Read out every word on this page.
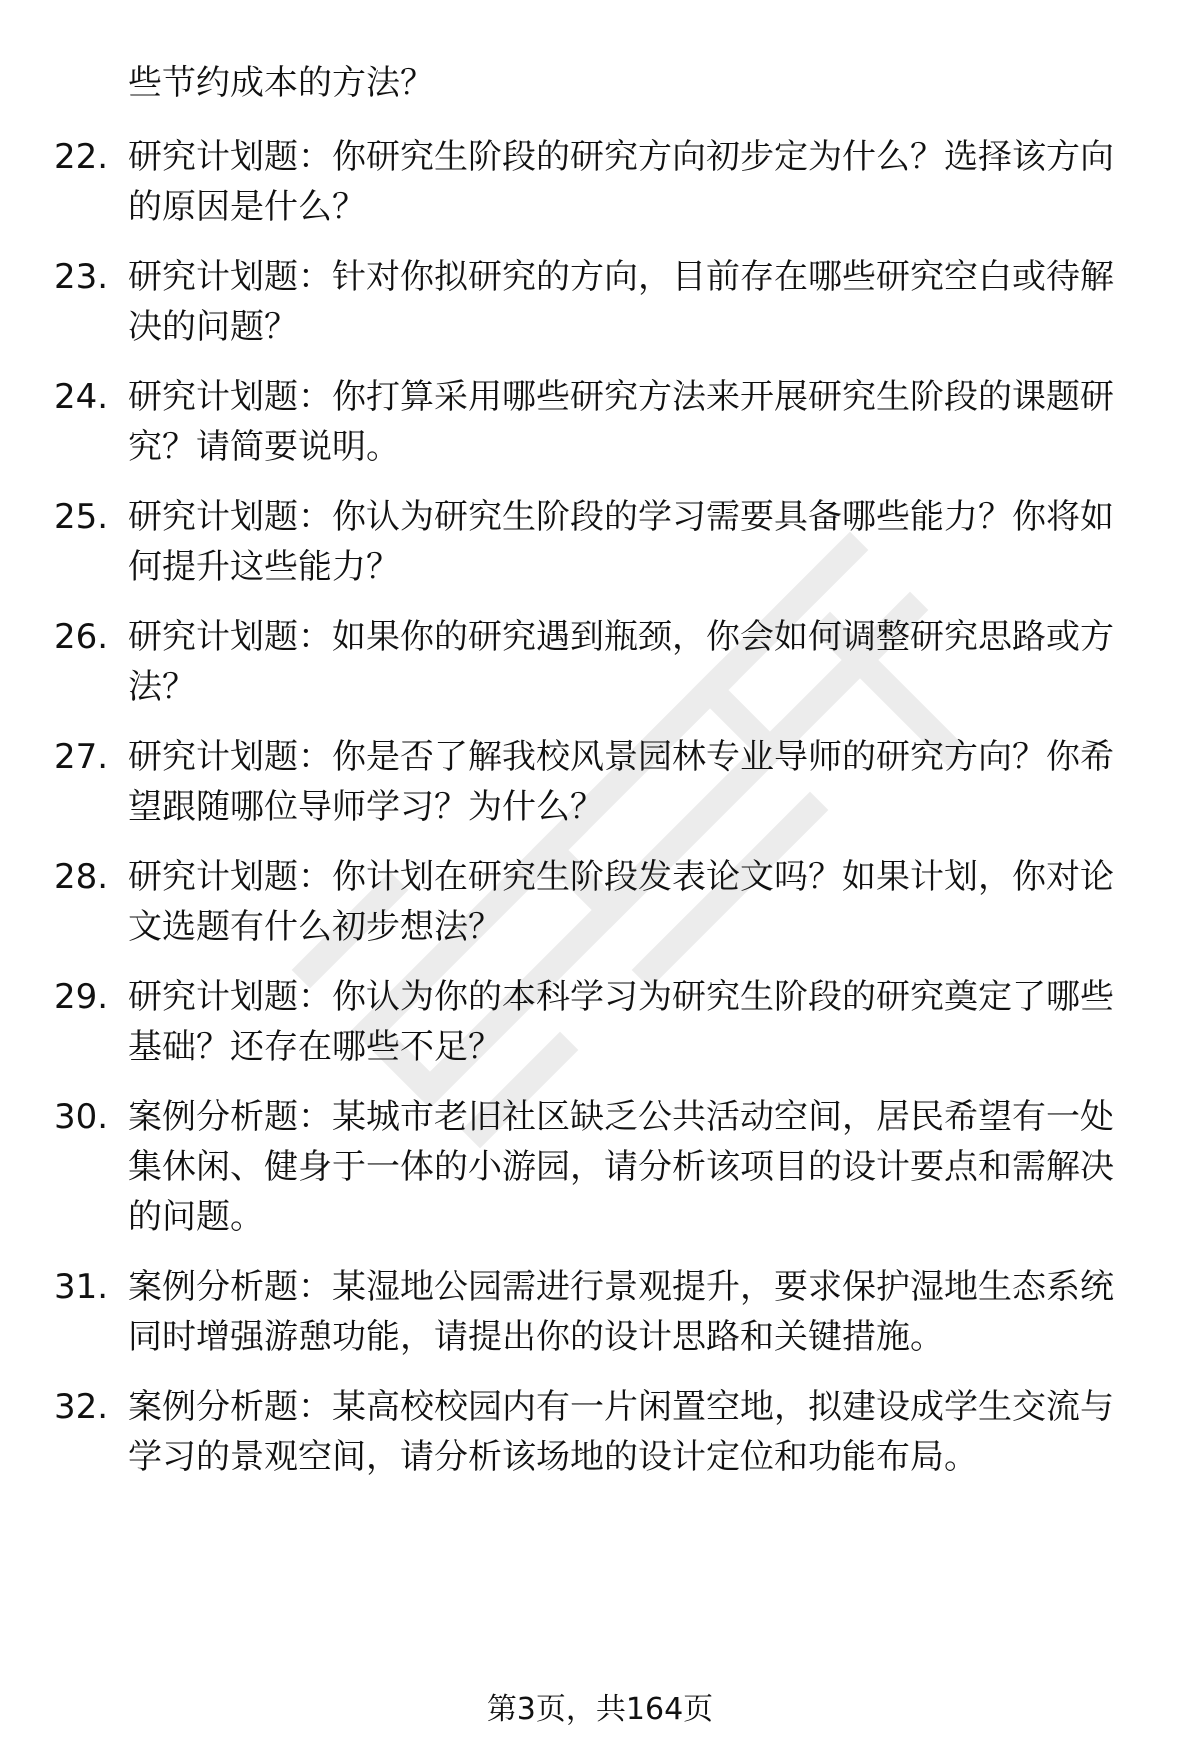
些节约成本的方法？
22. 研究计划题：你研究生阶段的研究方向初步定为什么？选择该方向的原因是什么？
23. 研究计划题：针对你拟研究的方向，目前存在哪些研究空白或待解决的问题？
24. 研究计划题：你打算采用哪些研究方法来开展研究生阶段的课题研究？请简要说明。
25. 研究计划题：你认为研究生阶段的学习需要具备哪些能力？你将如何提升这些能力？
26. 研究计划题：如果你的研究遇到瓶颈，你会如何调整研究思路或方法？
27. 研究计划题：你是否了解我校风景园林专业导师的研究方向？你希望跟随哪位导师学习？为什么？
28. 研究计划题：你计划在研究生阶段发表论文吗？如果计划，你对论文选题有什么初步想法？
29. 研究计划题：你认为你的本科学习为研究生阶段的研究奠定了哪些基础？还存在哪些不足？
30. 案例分析题：某城市老旧社区缺乏公共活动空间，居民希望有一处集休闲、健身于一体的小游园，请分析该项目的设计要点和需解决的问题。
31. 案例分析题：某湿地公园需进行景观提升，要求保护湿地生态系统同时增强游憩功能，请提出你的设计思路和关键措施。
32. 案例分析题：某高校校园内有一片闲置空地，拟建设成学生交流与学习的景观空间，请分析该场地的设计定位和功能布局。
第3页，共164页
